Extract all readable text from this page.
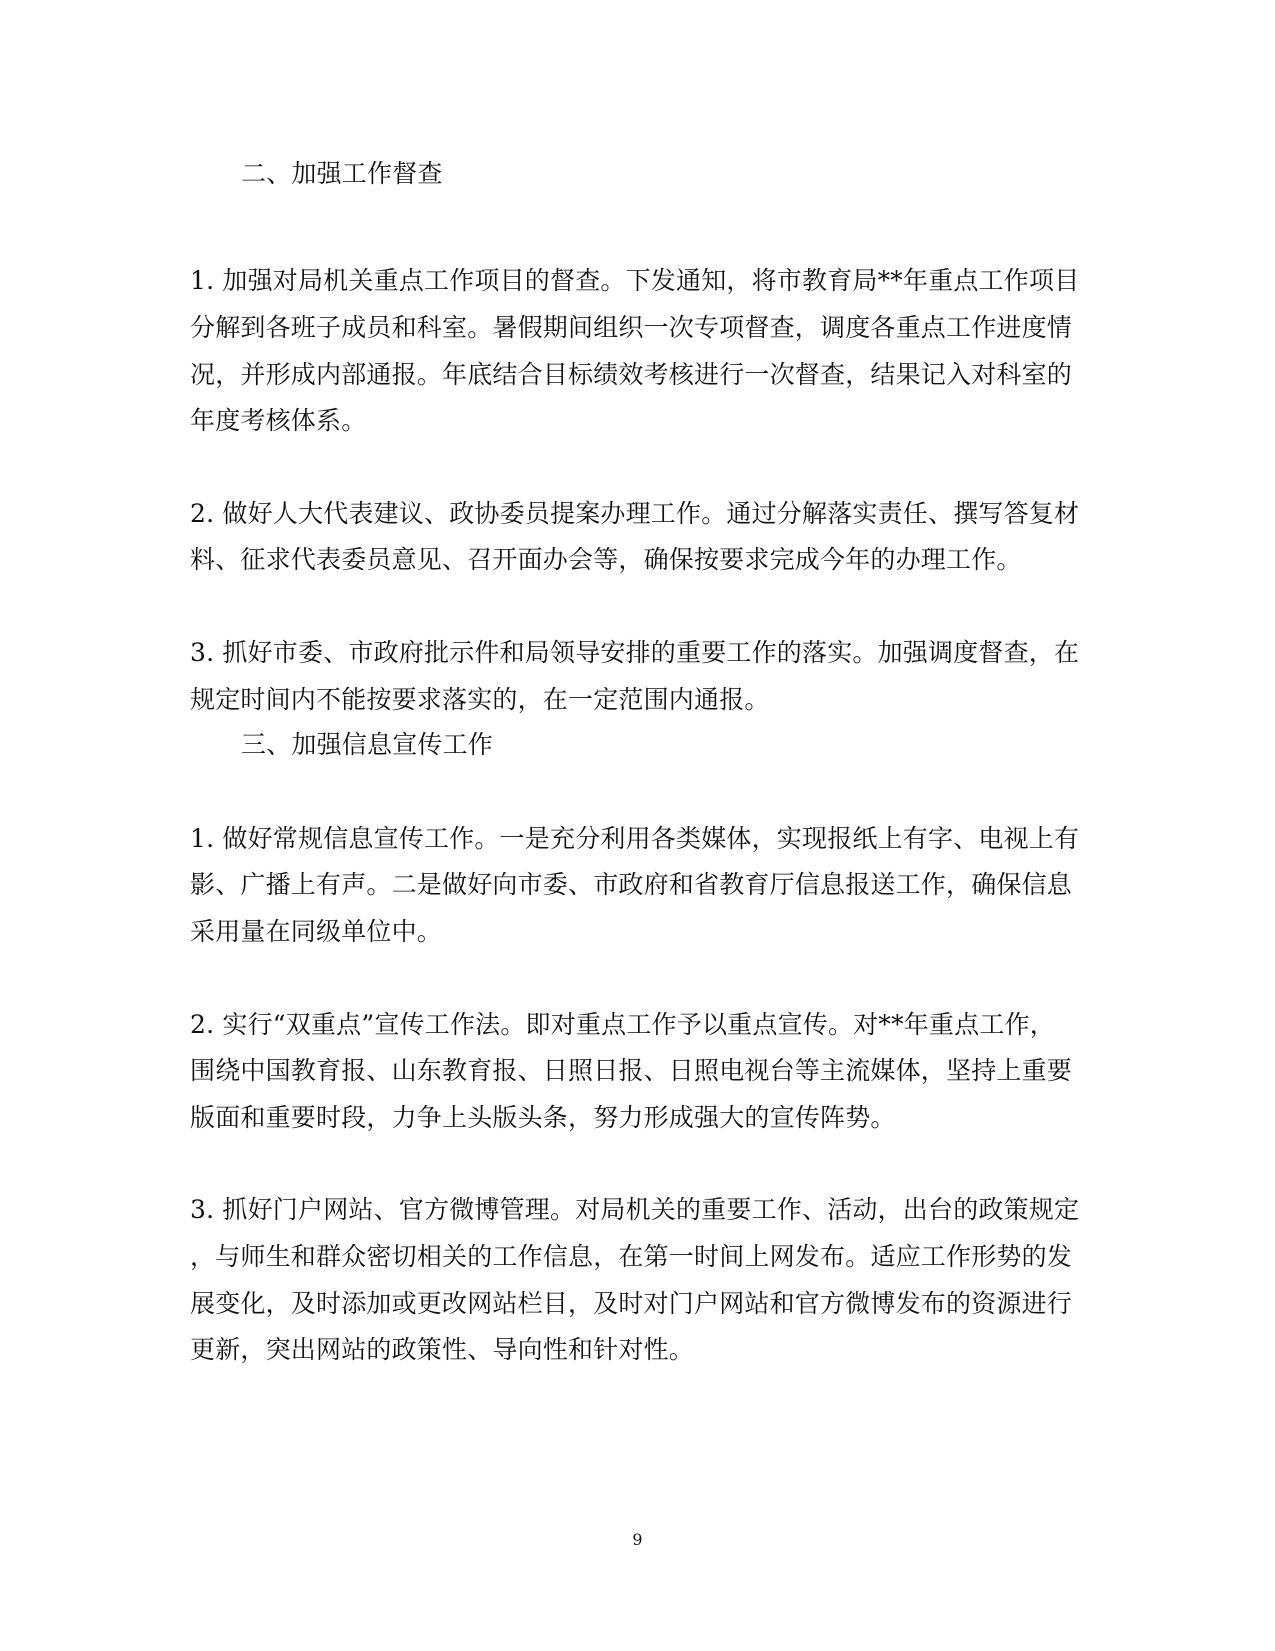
二、加强工作督查
1. 加强对局机关重点工作项目的督查。下发通知，将市教育局**年重点工作项目
分解到各班子成员和科室。暑假期间组织一次专项督查，调度各重点工作进度情
况，并形成内部通报。年底结合目标绩效考核进行一次督查，结果记入对科室的
年度考核体系。
2. 做好人大代表建议、政协委员提案办理工作。通过分解落实责任、撰写答复材
料、征求代表委员意见、召开面办会等，确保按要求完成今年的办理工作。
3. 抓好市委、市政府批示件和局领导安排的重要工作的落实。加强调度督查，在
规定时间内不能按要求落实的，在一定范围内通报。
三、加强信息宣传工作
1. 做好常规信息宣传工作。一是充分利用各类媒体，实现报纸上有字、电视上有
影、广播上有声。二是做好向市委、市政府和省教育厅信息报送工作，确保信息
采用量在同级单位中。
2. 实行“双重点”宣传工作法。即对重点工作予以重点宣传。对**年重点工作，
围绕中国教育报、山东教育报、日照日报、日照电视台等主流媒体，坚持上重要
版面和重要时段，力争上头版头条，努力形成强大的宣传阵势。
3. 抓好门户网站、官方微博管理。对局机关的重要工作、活动，出台的政策规定
，与师生和群众密切相关的工作信息，在第一时间上网发布。适应工作形势的发
展变化，及时添加或更改网站栏目，及时对门户网站和官方微博发布的资源进行
更新，突出网站的政策性、导向性和针对性。
9
